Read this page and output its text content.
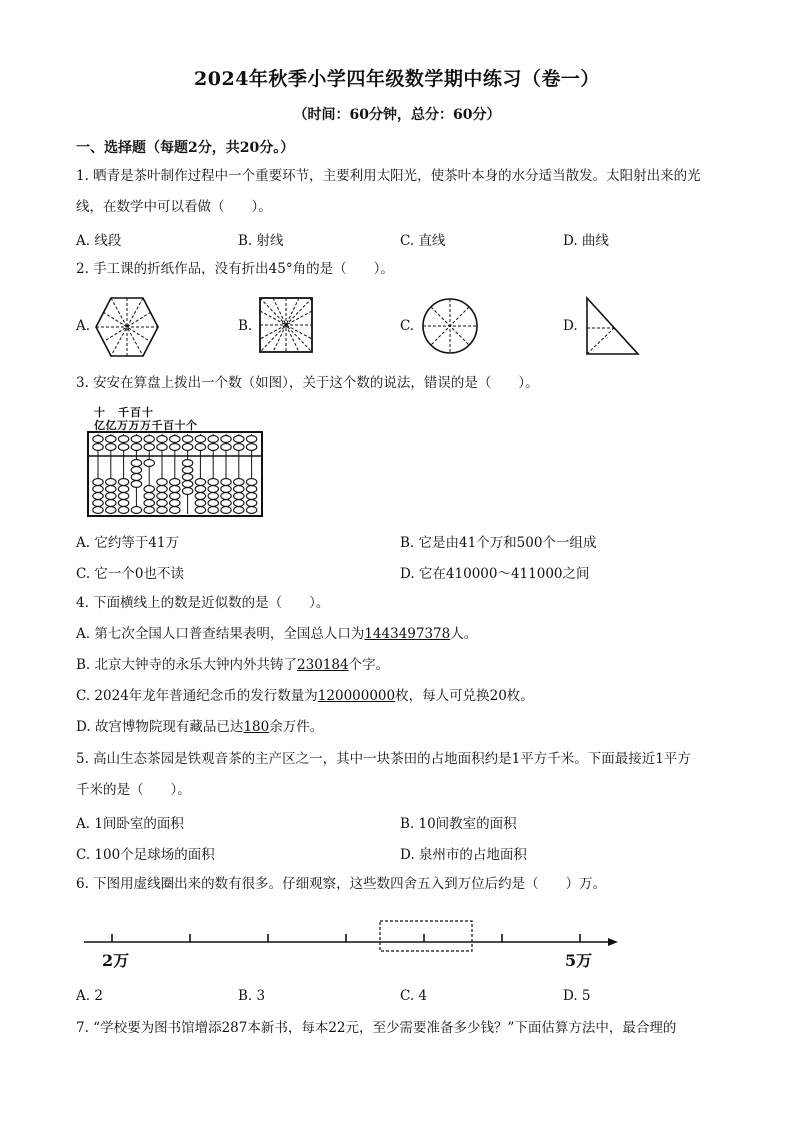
2024年秋季小学四年级数学期中练习（卷一）
（时间：60分钟，总分：60分）
一、选择题（每题2分，共20分。）
1. 晒青是茶叶制作过程中一个重要环节，主要利用太阳光，使茶叶本身的水分适当散发。太阳射出来的光
线，在数学中可以看做（　　）。
A. 线段	B. 射线	C. 直线	D. 曲线
2. 手工课的折纸作品，没有折出45°角的是（　　）。
A.	B.	C.	D.
3. 安安在算盘上拨出一个数（如图），关于这个数的说法，错误的是（　　）。
十　千百十
亿亿万万万千百十个
A. 它约等于41万	B. 它是由41个万和500个一组成
C. 它一个0也不读	D. 它在410000～411000之间
4. 下面横线上的数是近似数的是（　　）。
A. 第七次全国人口普查结果表明，全国总人口为1443497378人。
B. 北京大钟寺的永乐大钟内外共铸了230184个字。
C. 2024年龙年普通纪念币的发行数量为120000000枚，每人可兑换20枚。
D. 故宫博物院现有藏品已达180余万件。
5. 高山生态茶园是铁观音茶的主产区之一，其中一块茶田的占地面积约是1平方千米。下面最接近1平方
千米的是（　　）。
A. 1间卧室的面积	B. 10间教室的面积
C. 100个足球场的面积	D. 泉州市的占地面积
6. 下图用虚线圈出来的数有很多。仔细观察，这些数四舍五入到万位后约是（　　）万。
2万	5万
A. 2	B. 3	C. 4	D. 5
7. “学校要为图书馆增添287本新书，每本22元，至少需要准备多少钱？”下面估算方法中，最合理的
